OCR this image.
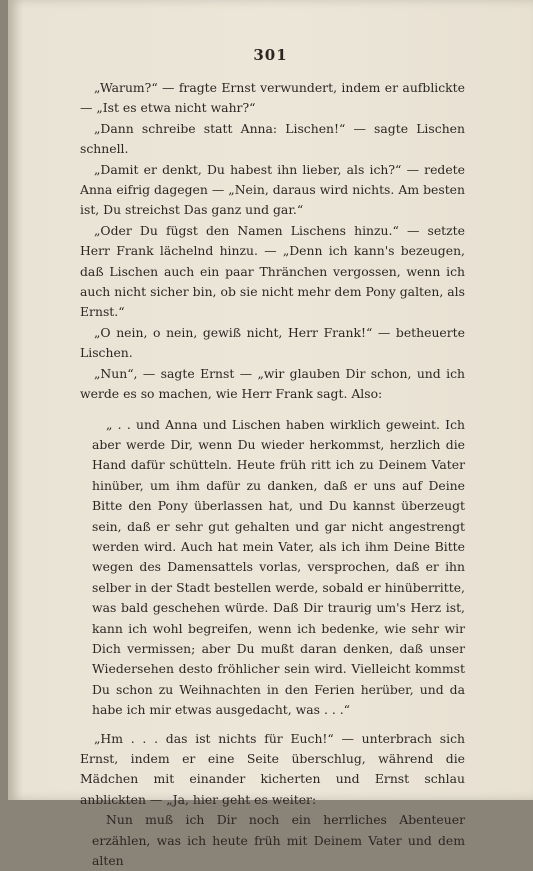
301

„Warum?“ — fragte Ernst verwundert, indem er aufblickte — „Ist es etwa nicht wahr?“

„Dann schreibe statt Anna: Lischen!“ — sagte Lischen schnell.

„Damit er denkt, Du habest ihn lieber, als ich?“ — redete Anna eifrig dagegen — „Nein, daraus wird nichts. Am besten ist, Du streichst Das ganz und gar.“

„Oder Du fügst den Namen Lischens hinzu.“ — setzte Herr Frank lächelnd hinzu. — „Denn ich kann's bezeugen, daß Lischen auch ein paar Thränchen vergossen, wenn ich auch nicht sicher bin, ob sie nicht mehr dem Pony galten, als Ernst.“

„O nein, o nein, gewiß nicht, Herr Frank!“ — betheuerte Lischen.

„Nun“, — sagte Ernst — „wir glauben Dir schon, und ich werde es so machen, wie Herr Frank sagt. Also:

„ . . und Anna und Lischen haben wirklich geweint. Ich aber werde Dir, wenn Du wieder herkommst, herzlich die Hand dafür schütteln. Heute früh ritt ich zu Deinem Vater hinüber, um ihm dafür zu danken, daß er uns auf Deine Bitte den Pony überlassen hat, und Du kannst überzeugt sein, daß er sehr gut gehalten und gar nicht angestrengt werden wird. Auch hat mein Vater, als ich ihm Deine Bitte wegen des Damensattels vorlas, versprochen, daß er ihn selber in der Stadt bestellen werde, sobald er hinüberritte, was bald geschehen würde. Daß Dir traurig um's Herz ist, kann ich wohl begreifen, wenn ich bedenke, wie sehr wir Dich vermissen; aber Du mußt daran denken, daß unser Wiedersehen desto fröhlicher sein wird. Vielleicht kommst Du schon zu Weihnachten in den Ferien herüber, und da habe ich mir etwas ausgedacht, was . . .“

„Hm . . . das ist nichts für Euch!“ — unterbrach sich Ernst, indem er eine Seite überschlug, während die Mädchen mit einander kicherten und Ernst schlau anblickten — „Ja, hier geht es weiter:

Nun muß ich Dir noch ein herrliches Abenteuer erzählen, was ich heute früh mit Deinem Vater und dem alten
